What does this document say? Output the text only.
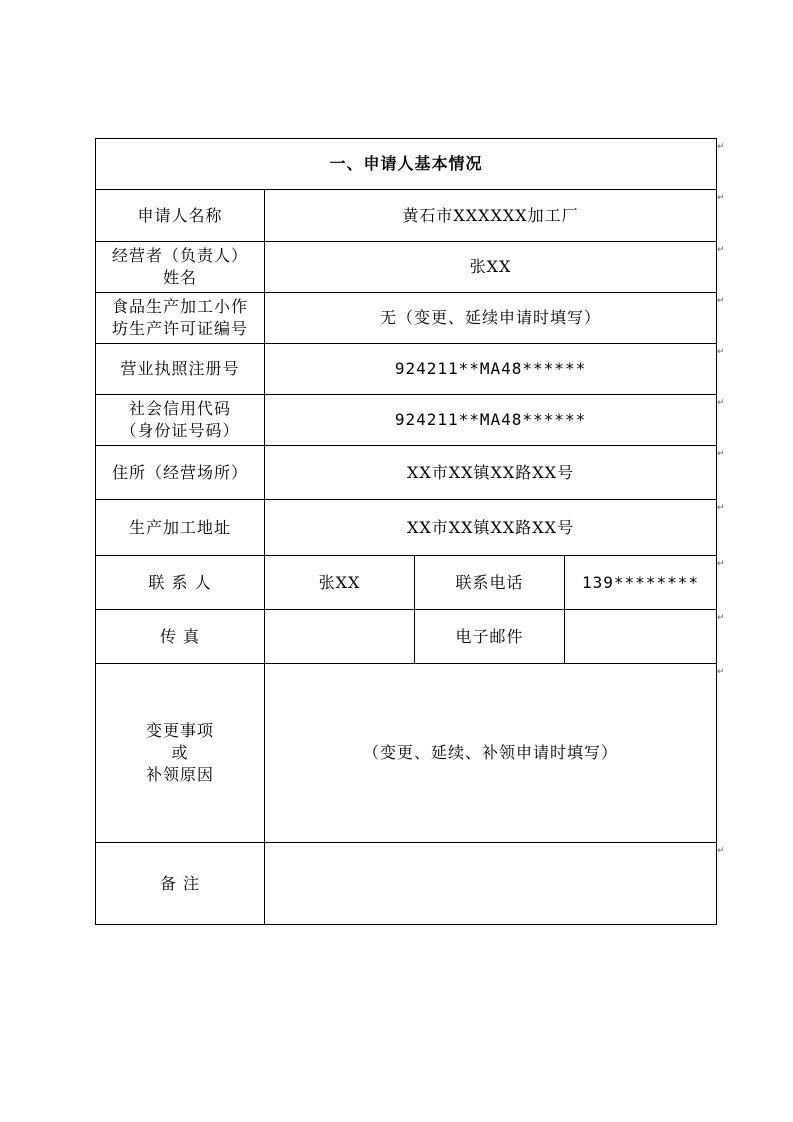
一、申请人基本情况			
申请人名称	黄石市XXXXXX加工厂		

经营者（负责人）
姓名	张XX		

食品生产加工小作
坊生产许可证编号	无（变更、延续申请时填写）		
营业执照注册号	924211**MA48******		

社会信用代码
（身份证号码）	924211**MA48******		
住所（经营场所）	XX市XX镇XX路XX号		
生产加工地址	XX市XX镇XX路XX号		
联 系 人	张XX	联系电话	139********
传 真		电子邮件	

变更事项
或
补领原因	（变更、延续、补领申请时填写）		
备 注			
↵
↵
↵
↵
↵
↵
↵
↵
↵
↵
↵
↵
